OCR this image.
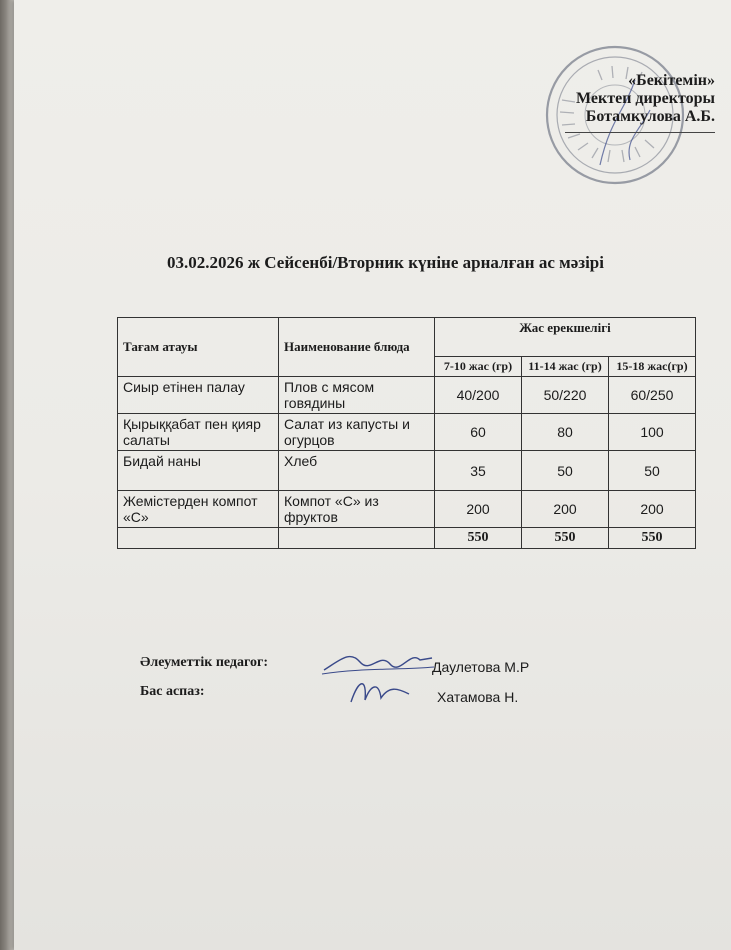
«Бекітемін»
Мектеп директоры
Ботамкулова А.Б.
03.02.2026 ж Сейсенбі/Вторник күніне арналған ас мәзірі
Тағам атауы	Наименование блюда	Жас ерекшелігі		
		7-10 жас (гр)	11-14 жас (гр)	15-18 жас(гр)
Сиыр етінен палау	Плов с мясом говядины	40/200	50/220	60/250
Қырыққабат пен қияр салаты	Салат из капусты и огурцов	60	80	100
Бидай наны	Хлеб	35	50	50
Жемістерден компот «С»	Компот «С» из фруктов	200	200	200
		550	550	550
Әлеуметтік педагог:	Даулетова М.Р
Бас аспаз:	Хатамова Н.
